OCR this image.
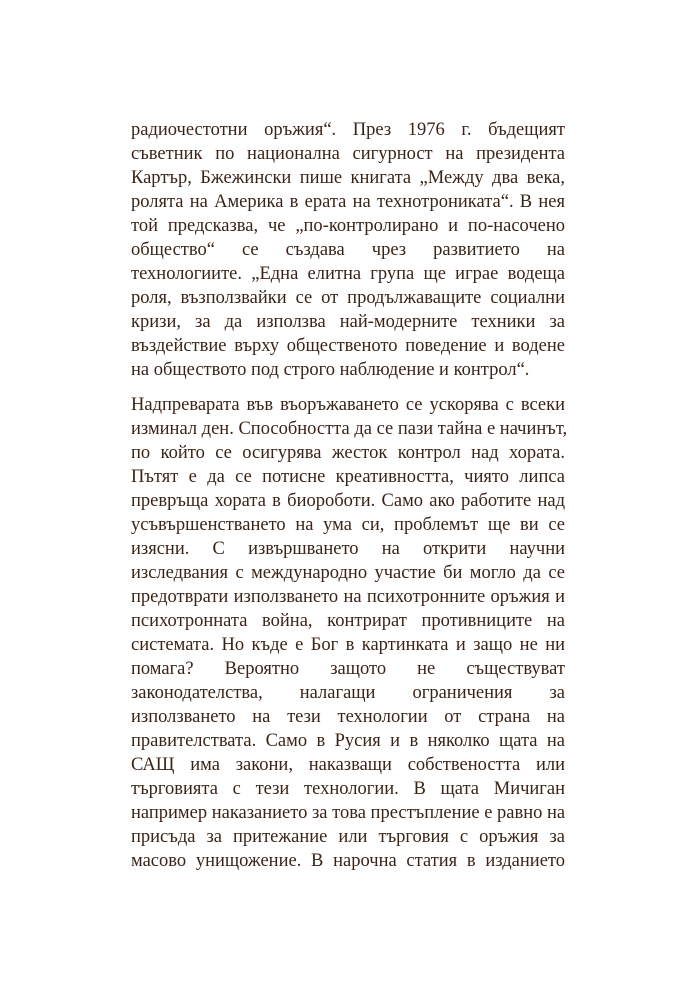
радиочестотни оръжия“. През 1976 г. бъдещият
съветник по национална сигурност на президента
Картър, Бжежински пише книгата „Между два века,
ролята на Америка в ерата на технотрониката“. В нея
той предсказва, че „по-контролирано и по-насочено
общество“ се създава чрез развитието на
технологиите. „Една елитна група ще играе водеща
роля, възползвайки се от продължаващите социални
кризи, за да използва най-модерните техники за
въздействие върху общественото поведение и водене
на обществото под строго наблюдение и контрол“.
Надпреварата във въоръжаването се ускорява с всеки
изминал ден. Способността да се пази тайна е начинът,
по който се осигурява жесток контрол над хората.
Пътят е да се потисне креативността, чиято липса
превръща хората в биороботи. Само ако работите над
усъвършенстването на ума си, проблемът ще ви се
изясни. С извършването на открити научни
изследвания с международно участие би могло да се
предотврати използването на психотронните оръжия и
психотронната война, контрират противниците на
системата. Но къде е Бог в картинката и защо не ни
помага? Вероятно защото не съществуват
законодателства, налагащи ограничения за
използването на тези технологии от страна на
правителствата. Само в Русия и в няколко щата на
САЩ има закони, наказващи собствеността или
търговията с тези технологии. В щата Мичиган
например наказанието за това престъпление е равно на
присъда за притежание или търговия с оръжия за
масово унищожение. В нарочна статия в изданието
